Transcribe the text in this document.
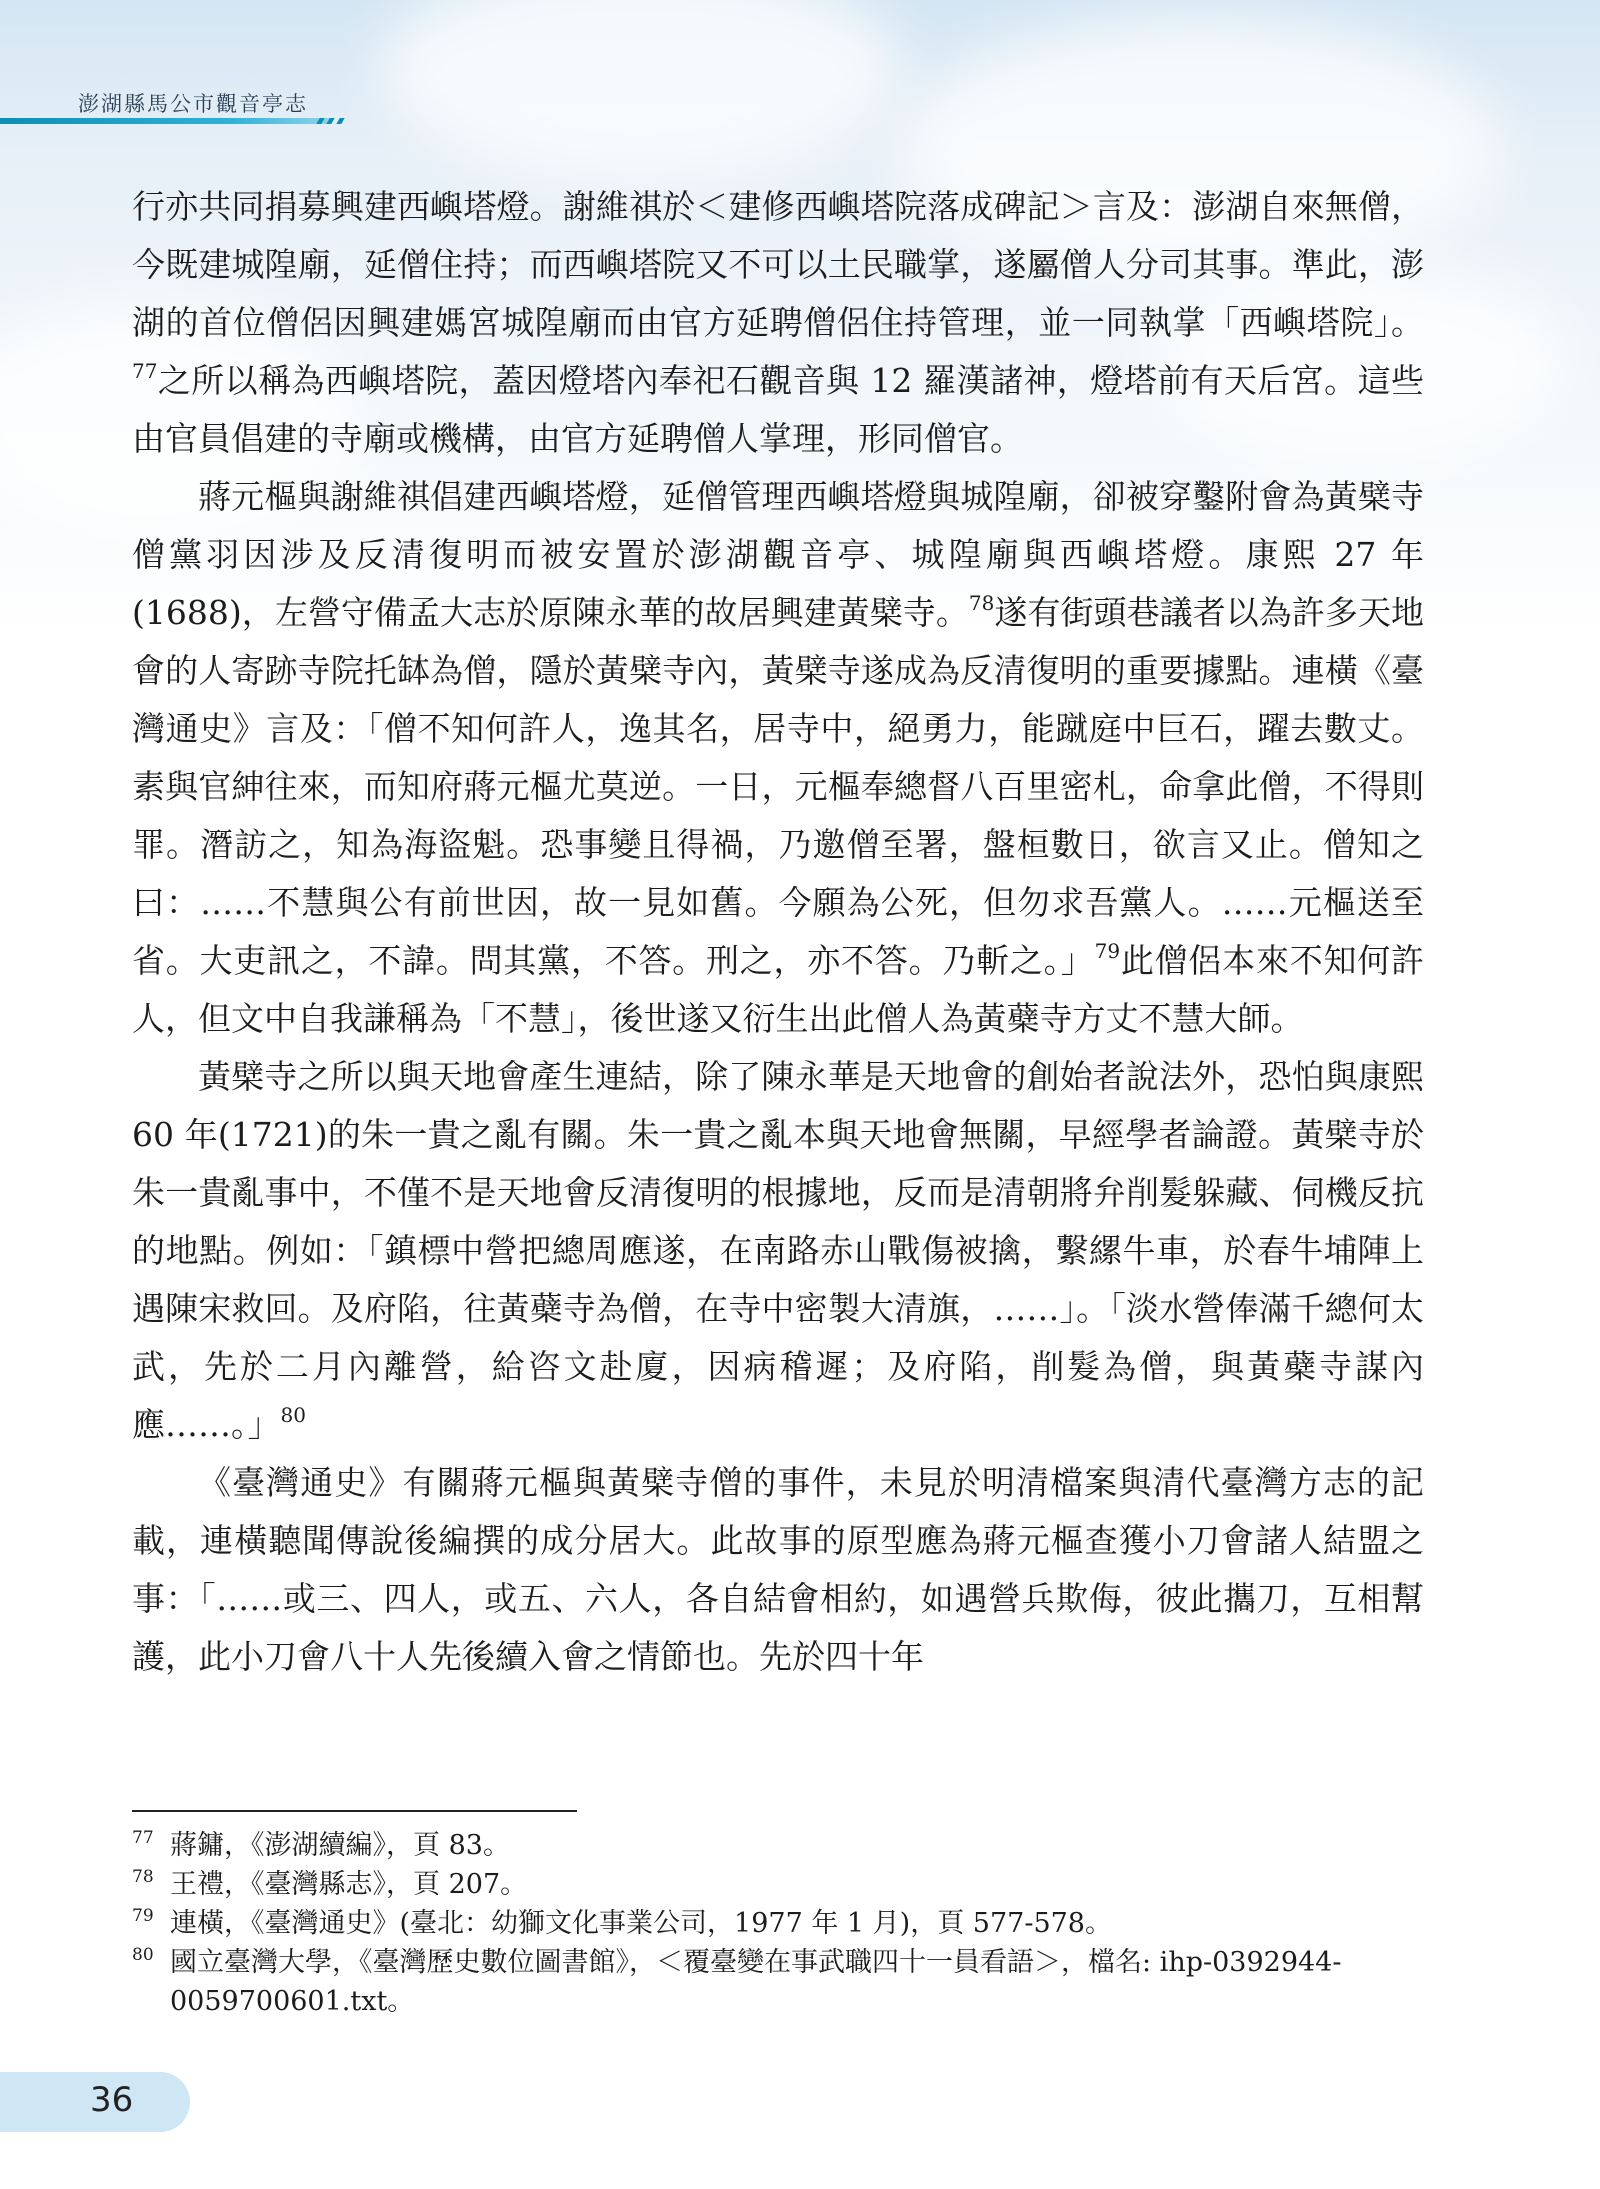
澎湖縣馬公市觀音亭志

行亦共同捐募興建西嶼塔燈。謝維祺於＜建修西嶼塔院落成碑記＞言及：澎湖自來無僧，今既建城隍廟，延僧住持；而西嶼塔院又不可以土民職掌，遂屬僧人分司其事。準此，澎湖的首位僧侶因興建媽宮城隍廟而由官方延聘僧侶住持管理，並一同執掌「西嶼塔院」。$^{77}$之所以稱為西嶼塔院，蓋因燈塔內奉祀石觀音與 12 羅漢諸神，燈塔前有天后宮。這些由官員倡建的寺廟或機構，由官方延聘僧人掌理，形同僧官。

蔣元樞與謝維祺倡建西嶼塔燈，延僧管理西嶼塔燈與城隍廟，卻被穿鑿附會為黃檗寺僧黨羽因涉及反清復明而被安置於澎湖觀音亭、城隍廟與西嶼塔燈。康熙 27 年(1688)，左營守備孟大志於原陳永華的故居興建黃檗寺。$^{78}$遂有街頭巷議者以為許多天地會的人寄跡寺院托缽為僧，隱於黃檗寺內，黃檗寺遂成為反清復明的重要據點。連橫《臺灣通史》言及：「僧不知何許人，逸其名，居寺中，絕勇力，能蹴庭中巨石，躍去數丈。素與官紳往來，而知府蔣元樞尤莫逆。一日，元樞奉總督八百里密札，命拿此僧，不得則罪。潛訪之，知為海盜魁。恐事變且得禍，乃邀僧至署，盤桓數日，欲言又止。僧知之曰：……不慧與公有前世因，故一見如舊。今願為公死，但勿求吾黨人。……元樞送至省。大吏訊之，不諱。問其黨，不答。刑之，亦不答。乃斬之。」$^{79}$此僧侶本來不知何許人，但文中自我謙稱為「不慧」，後世遂又衍生出此僧人為黃蘗寺方丈不慧大師。

黃檗寺之所以與天地會產生連結，除了陳永華是天地會的創始者說法外，恐怕與康熙 60 年(1721)的朱一貴之亂有關。朱一貴之亂本與天地會無關，早經學者論證。黃檗寺於朱一貴亂事中，不僅不是天地會反清復明的根據地，反而是清朝將弁削髮躲藏、伺機反抗的地點。例如：「鎮標中營把總周應遂，在南路赤山戰傷被擒，繫縲牛車，於春牛埔陣上遇陳宋救回。及府陷，往黃蘗寺為僧，在寺中密製大清旗，……」。「淡水營俸滿千總何太武，先於二月內離營，給咨文赴廈，因病稽遲；及府陷，削髮為僧，與黃蘗寺謀內應……。」$^{80}$

《臺灣通史》有關蔣元樞與黃檗寺僧的事件，未見於明清檔案與清代臺灣方志的記載，連橫聽聞傳說後編撰的成分居大。此故事的原型應為蔣元樞查獲小刀會諸人結盟之事：「……或三、四人，或五、六人，各自結會相約，如遇營兵欺侮，彼此攜刀，互相幫護，此小刀會八十人先後續入會之情節也。先於四十年

77 蔣鏞，《澎湖續編》，頁 83。
78 王禮，《臺灣縣志》，頁 207。
79 連橫，《臺灣通史》(臺北：幼獅文化事業公司，1977 年 1 月)，頁 577-578。
80 國立臺灣大學，《臺灣歷史數位圖書館》，＜覆臺變在事武職四十一員看語＞，檔名: ihp-0392944-0059700601.txt。
36
